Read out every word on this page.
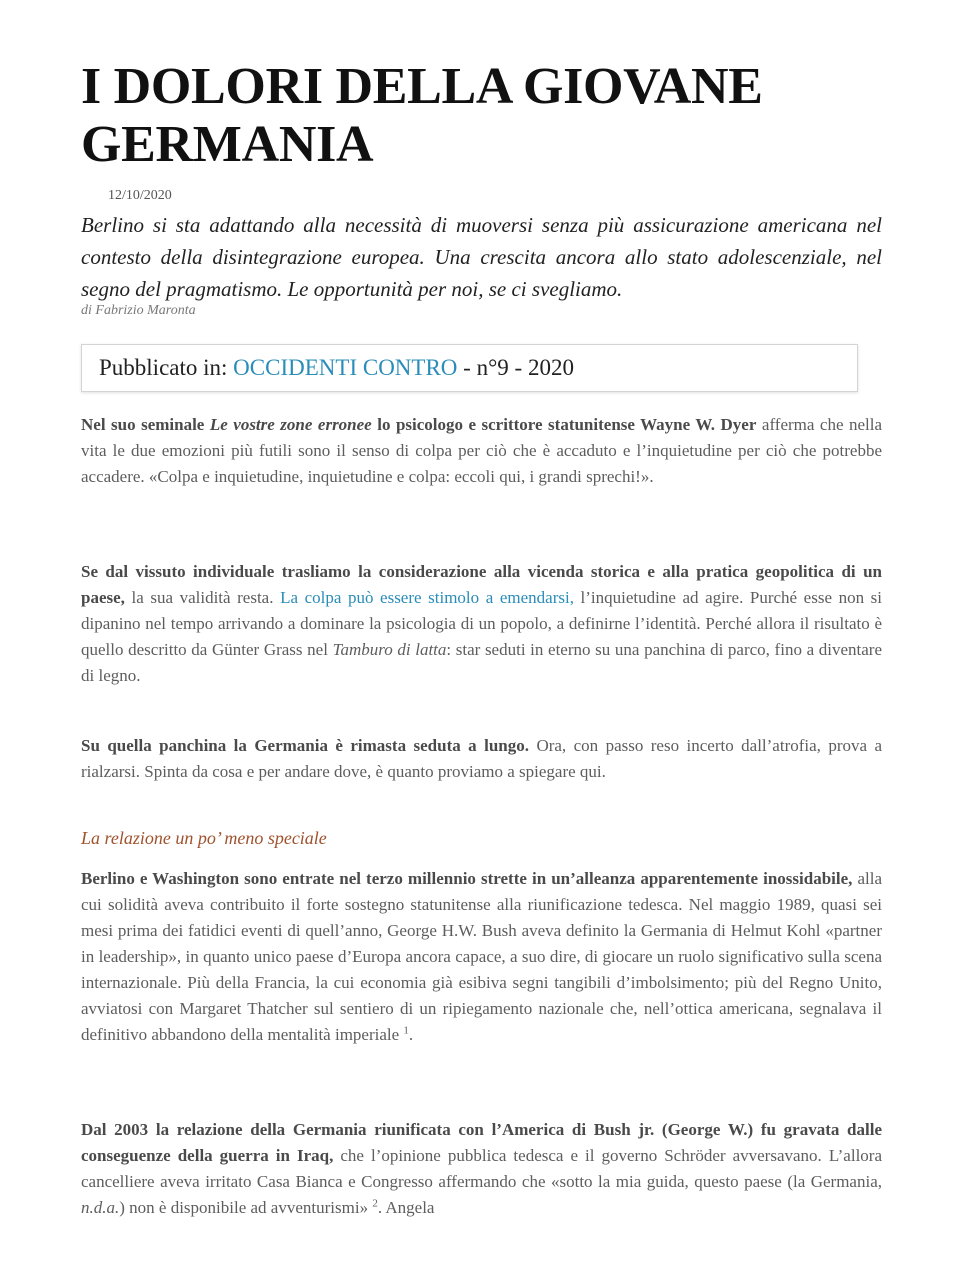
I DOLORI DELLA GIOVANE GERMANIA
12/10/2020

Berlino si sta adattando alla necessità di muoversi senza più assicurazione americana nel contesto della disintegrazione europea. Una crescita ancora allo stato adolescenziale, nel segno del pragmatismo. Le opportunità per noi, se ci svegliamo.

di Fabrizio Maronta
Pubblicato in: OCCIDENTI CONTRO - n°9 - 2020

Nel suo seminale Le vostre zone erronee lo psicologo e scrittore statunitense Wayne W. Dyer afferma che nella vita le due emozioni più futili sono il senso di colpa per ciò che è accaduto e l’inquietudine per ciò che potrebbe accadere. «Colpa e inquietudine, inquietudine e colpa: eccoli qui, i grandi sprechi!».

Se dal vissuto individuale trasliamo la considerazione alla vicenda storica e alla pratica geopolitica di un paese, la sua validità resta. La colpa può essere stimolo a emendarsi, l’inquietudine ad agire. Purché esse non si dipanino nel tempo arrivando a dominare la psicologia di un popolo, a definirne l’identità. Perché allora il risultato è quello descritto da Günter Grass nel Tamburo di latta: star seduti in eterno su una panchina di parco, fino a diventare di legno.

Su quella panchina la Germania è rimasta seduta a lungo. Ora, con passo reso incerto dall’atrofia, prova a rialzarsi. Spinta da cosa e per andare dove, è quanto proviamo a spiegare qui.

La relazione un po’ meno speciale

Berlino e Washington sono entrate nel terzo millennio strette in un’alleanza apparentemente inossidabile, alla cui solidità aveva contribuito il forte sostegno statunitense alla riunificazione tedesca. Nel maggio 1989, quasi sei mesi prima dei fatidici eventi di quell’anno, George H.W. Bush aveva definito la Germania di Helmut Kohl «partner in leadership», in quanto unico paese d’Europa ancora capace, a suo dire, di giocare un ruolo significativo sulla scena internazionale. Più della Francia, la cui economia già esibiva segni tangibili d’imbolsimento; più del Regno Unito, avviatosi con Margaret Thatcher sul sentiero di un ripiegamento nazionale che, nell’ottica americana, segnalava il definitivo abbandono della mentalità imperiale $^1$.

Dal 2003 la relazione della Germania riunificata con l’America di Bush jr. (George W.) fu gravata dalle conseguenze della guerra in Iraq, che l’opinione pubblica tedesca e il governo Schröder avversavano. L’allora cancelliere aveva irritato Casa Bianca e Congresso affermando che «sotto la mia guida, questo paese (la Germania, n.d.a.) non è disponibile ad avventurismi» $^2$. Angela
